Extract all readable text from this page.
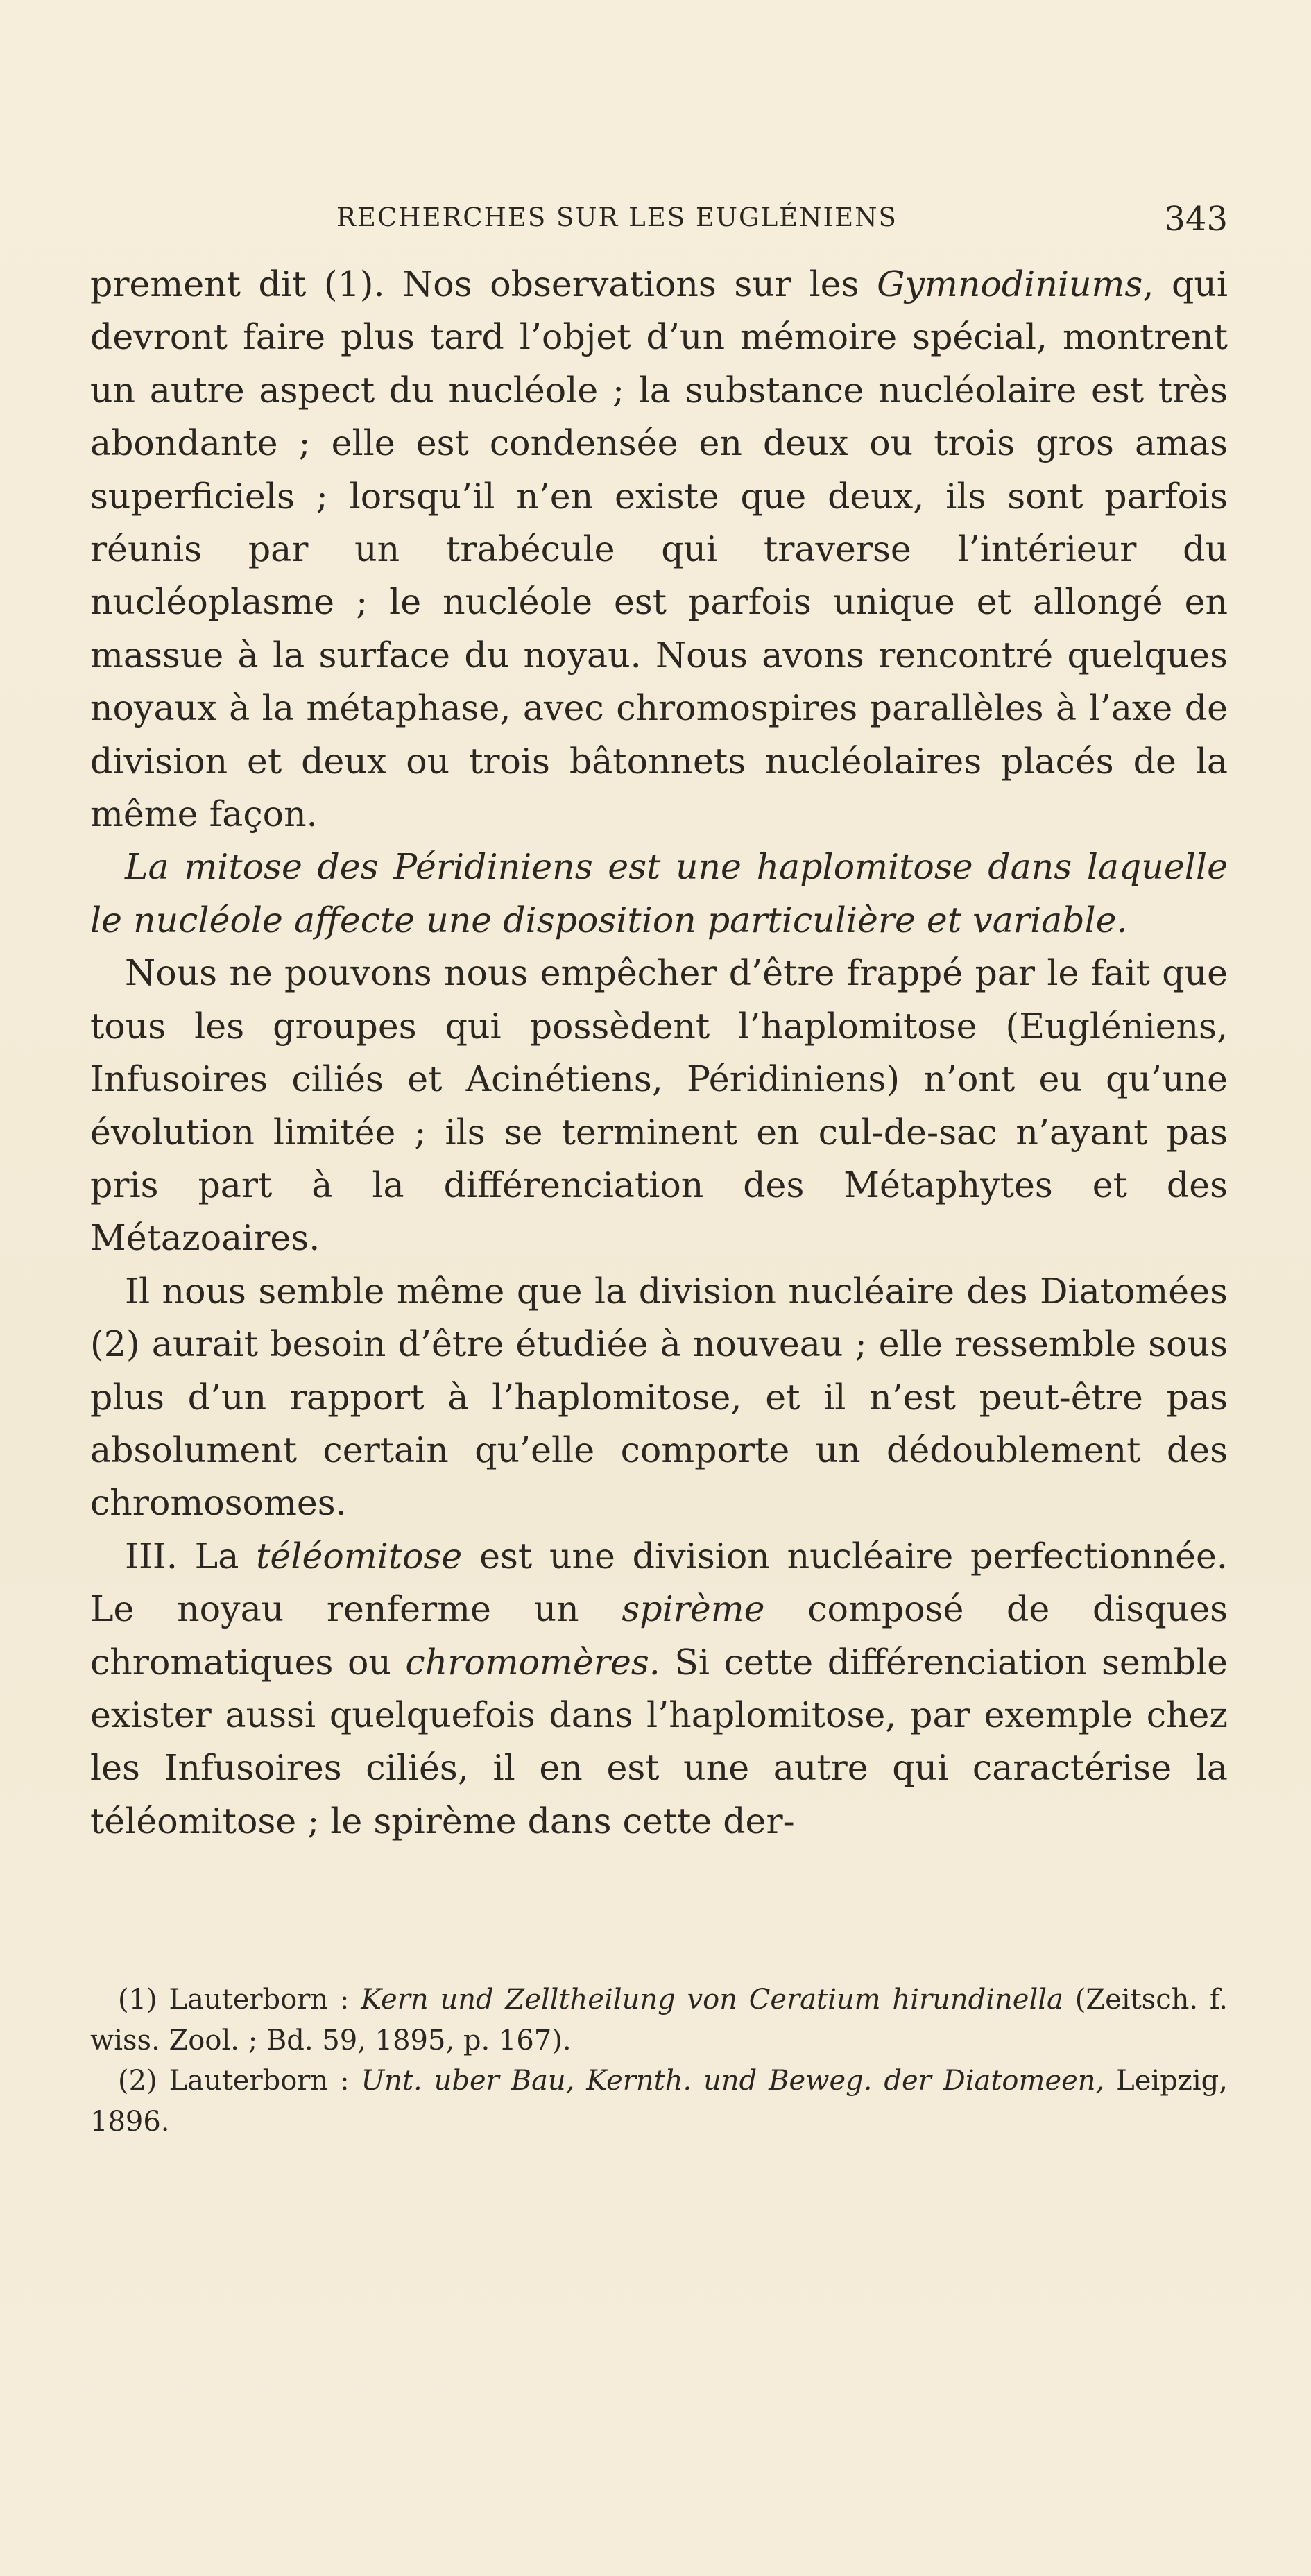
RECHERCHES SUR LES EUGLÉNIENS	343

prement dit (1). Nos observations sur les Gymnodiniums, qui devront faire plus tard l’objet d’un mémoire spécial, montrent un autre aspect du nucléole ; la substance nucléolaire est très abondante ; elle est condensée en deux ou trois gros amas superficiels ; lorsqu’il n’en existe que deux, ils sont parfois réunis par un trabécule qui traverse l’intérieur du nucléoplasme ; le nucléole est parfois unique et allongé en massue à la surface du noyau. Nous avons rencontré quelques noyaux à la métaphase, avec chromospires parallèles à l’axe de division et deux ou trois bâtonnets nucléolaires placés de la même façon.

La mitose des Péridiniens est une haplomitose dans laquelle le nucléole affecte une disposition particulière et variable.

Nous ne pouvons nous empêcher d’être frappé par le fait que tous les groupes qui possèdent l’haplomitose (Eugléniens, Infusoires ciliés et Acinétiens, Péridiniens) n’ont eu qu’une évolution limitée ; ils se terminent en cul-de-sac n’ayant pas pris part à la différenciation des Métaphytes et des Métazoaires.

Il nous semble même que la division nucléaire des Diatomées (2) aurait besoin d’être étudiée à nouveau ; elle ressemble sous plus d’un rapport à l’haplomitose, et il n’est peut-être pas absolument certain qu’elle comporte un dédoublement des chromosomes.

III. La téléomitose est une division nucléaire perfectionnée. Le noyau renferme un spirème composé de disques chromatiques ou chromomères. Si cette différenciation semble exister aussi quelquefois dans l’haplomitose, par exemple chez les Infusoires ciliés, il en est une autre qui caractérise la téléomitose ; le spirème dans cette der-

(1) Lauterborn : Kern und Zelltheilung von Ceratium hirundinella (Zeitsch. f. wiss. Zool. ; Bd. 59, 1895, p. 167).

(2) Lauterborn : Unt. uber Bau, Kernth. und Beweg. der Diatomeen, Leipzig, 1896.
